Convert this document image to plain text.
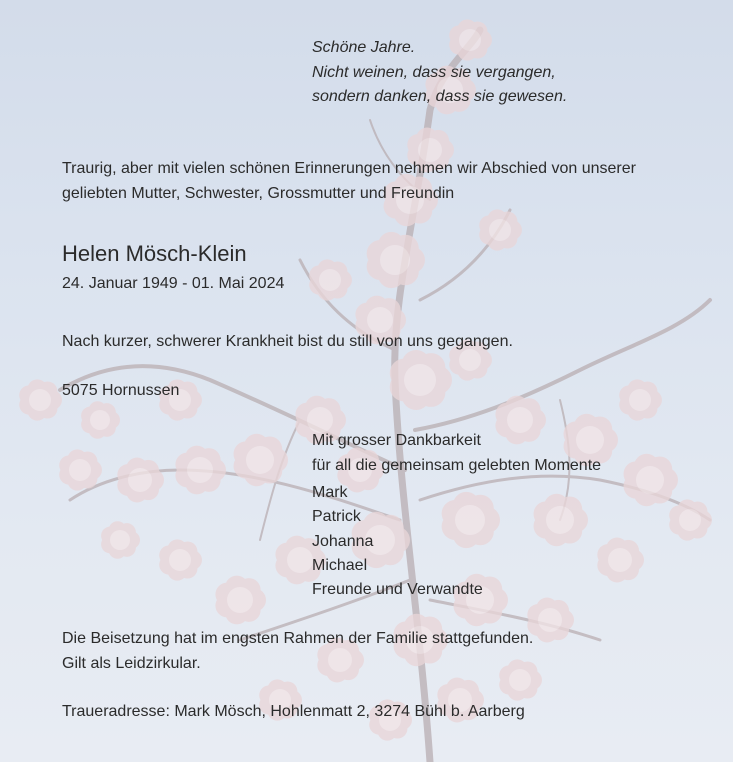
Schöne Jahre.
Nicht weinen, dass sie vergangen,
sondern danken, dass sie gewesen.
Traurig, aber mit vielen schönen Erinnerungen nehmen wir Abschied von unserer
geliebten Mutter, Schwester, Grossmutter und Freundin
Helen Mösch-Klein
24. Januar 1949 - 01. Mai 2024
Nach kurzer, schwerer Krankheit bist du still von uns gegangen.
5075 Hornussen
Mit grosser Dankbarkeit
für all die gemeinsam gelebten Momente
Mark
Patrick
Johanna
Michael
Freunde und Verwandte
Die Beisetzung hat im engsten Rahmen der Familie stattgefunden.
Gilt als Leidzirkular.
Traueradresse: Mark Mösch, Hohlenmatt 2, 3274 Bühl b. Aarberg
